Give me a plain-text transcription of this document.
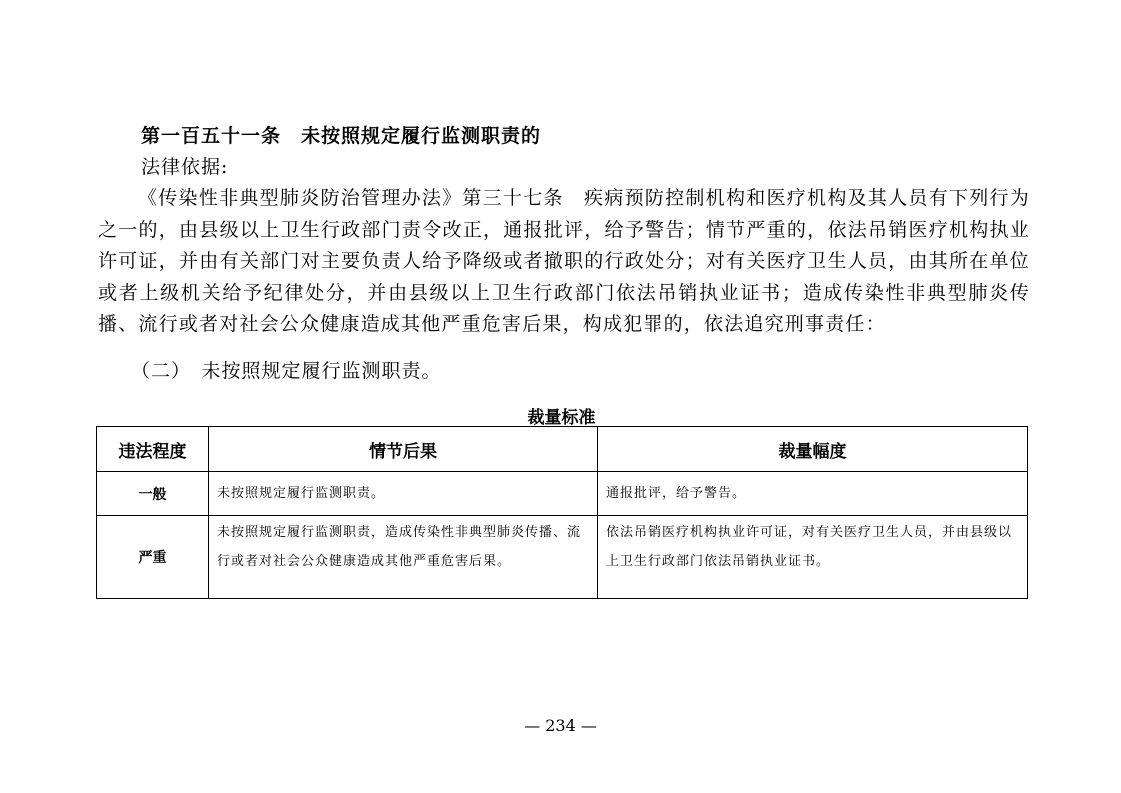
第一百五十一条　未按照规定履行监测职责的
法律依据:

《传染性非典型肺炎防治管理办法》第三十七条　疾病预防控制机构和医疗机构及其人员有下列行为之一的，由县级以上卫生行政部门责令改正，通报批评，给予警告；情节严重的，依法吊销医疗机构执业许可证，并由有关部门对主要负责人给予降级或者撤职的行政处分；对有关医疗卫生人员，由其所在单位或者上级机关给予纪律处分，并由县级以上卫生行政部门依法吊销执业证书；造成传染性非典型肺炎传播、流行或者对社会公众健康造成其他严重危害后果，构成犯罪的，依法追究刑事责任：

（二）　未按照规定履行监测职责。
裁量标准
违法程度	情节后果	裁量幅度
一般	未按照规定履行监测职责。	通报批评，给予警告。
严重	未按照规定履行监测职责，造成传染性非典型肺炎传播、流行或者对社会公众健康造成其他严重危害后果。	依法吊销医疗机构执业许可证，对有关医疗卫生人员，并由县级以上卫生行政部门依法吊销执业证书。
— 234 —
